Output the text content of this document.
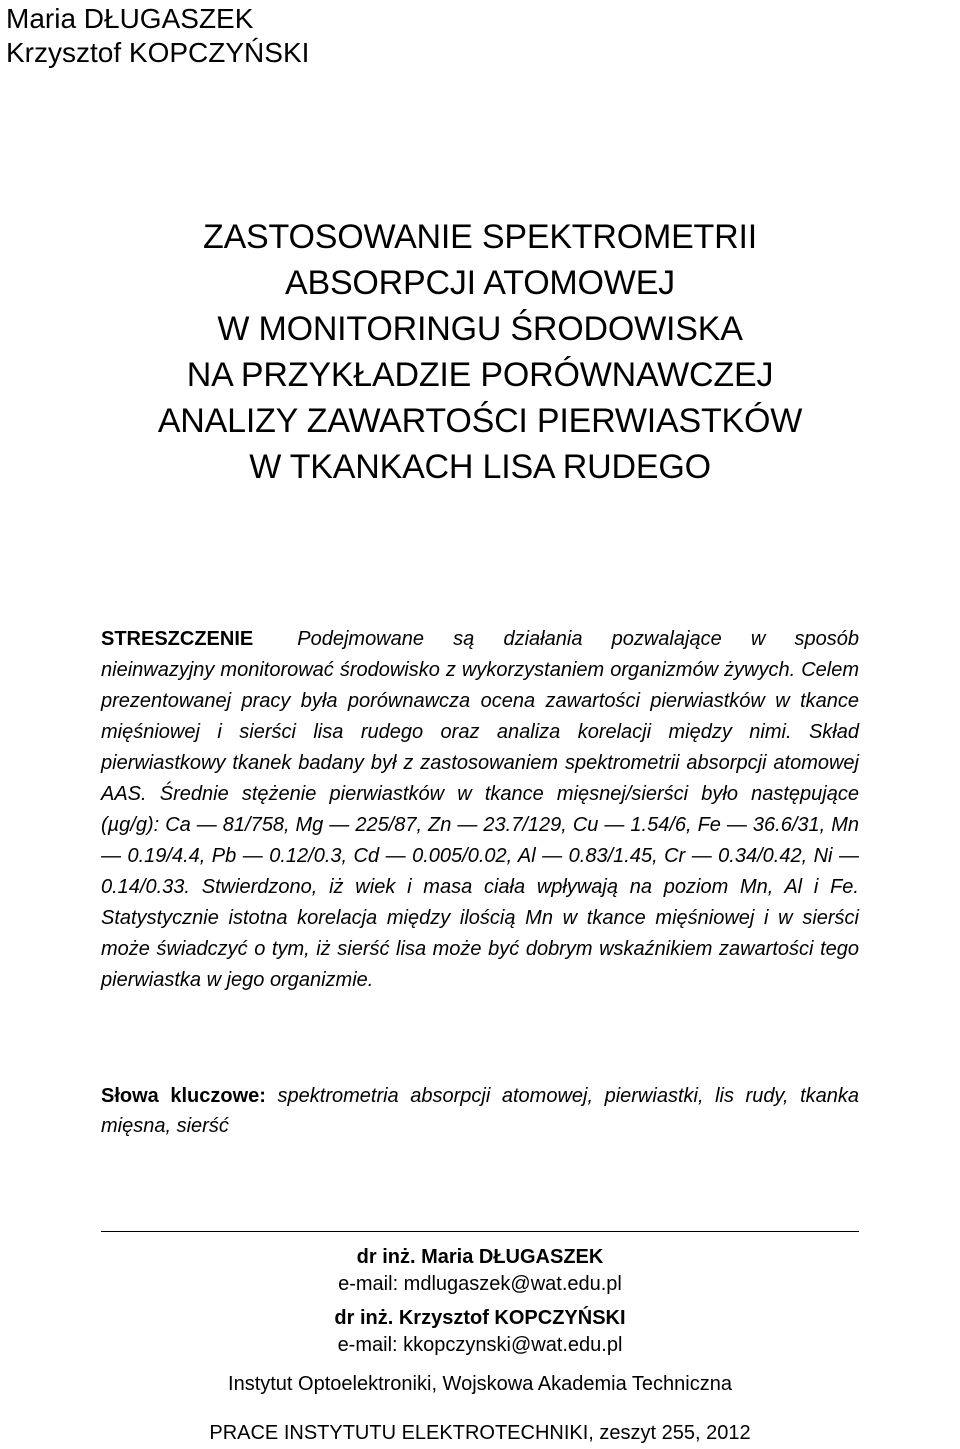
Maria DŁUGASZEK
Krzysztof KOPCZYŃSKI
ZASTOSOWANIE SPEKTROMETRII
ABSORPCJI ATOMOWEJ
W MONITORINGU ŚRODOWISKA
NA PRZYKŁADZIE PORÓWNAWCZEJ
ANALIZY ZAWARTOŚCI PIERWIASTKÓW
W TKANKACH LISA RUDEGO
STRESZCZENIE Podejmowane są działania pozwalające w sposób nieinwazyjny monitorować środowisko z wykorzystaniem organizmów żywych. Celem prezentowanej pracy była porównawcza ocena zawartości pierwiastków w tkance mięśniowej i sierści lisa rudego oraz analiza korelacji między nimi. Skład pierwiastkowy tkanek badany był z zastosowaniem spektrometrii absorpcji atomowej AAS. Średnie stężenie pierwiastków w tkance mięsnej/sierści było następujące (µg/g): Ca — 81/758, Mg — 225/87, Zn — 23.7/129, Cu — 1.54/6, Fe — 36.6/31, Mn — 0.19/4.4, Pb — 0.12/0.3, Cd — 0.005/0.02, Al — 0.83/1.45, Cr — 0.34/0.42, Ni — 0.14/0.33. Stwierdzono, iż wiek i masa ciała wpływają na poziom Mn, Al i Fe. Statystycznie istotna korelacja między ilością Mn w tkance mięśniowej i w sierści może świadczyć o tym, iż sierść lisa może być dobrym wskaźnikiem zawartości tego pierwiastka w jego organizmie.
Słowa kluczowe: spektrometria absorpcji atomowej, pierwiastki, lis rudy, tkanka mięsna, sierść
dr inż. Maria DŁUGASZEK
e-mail: mdlugaszek@wat.edu.pl
dr inż. Krzysztof KOPCZYŃSKI
e-mail: kkopczynski@wat.edu.pl
Instytut Optoelektroniki, Wojskowa Akademia Techniczna
PRACE INSTYTUTU ELEKTROTECHNIKI, zeszyt 255, 2012
